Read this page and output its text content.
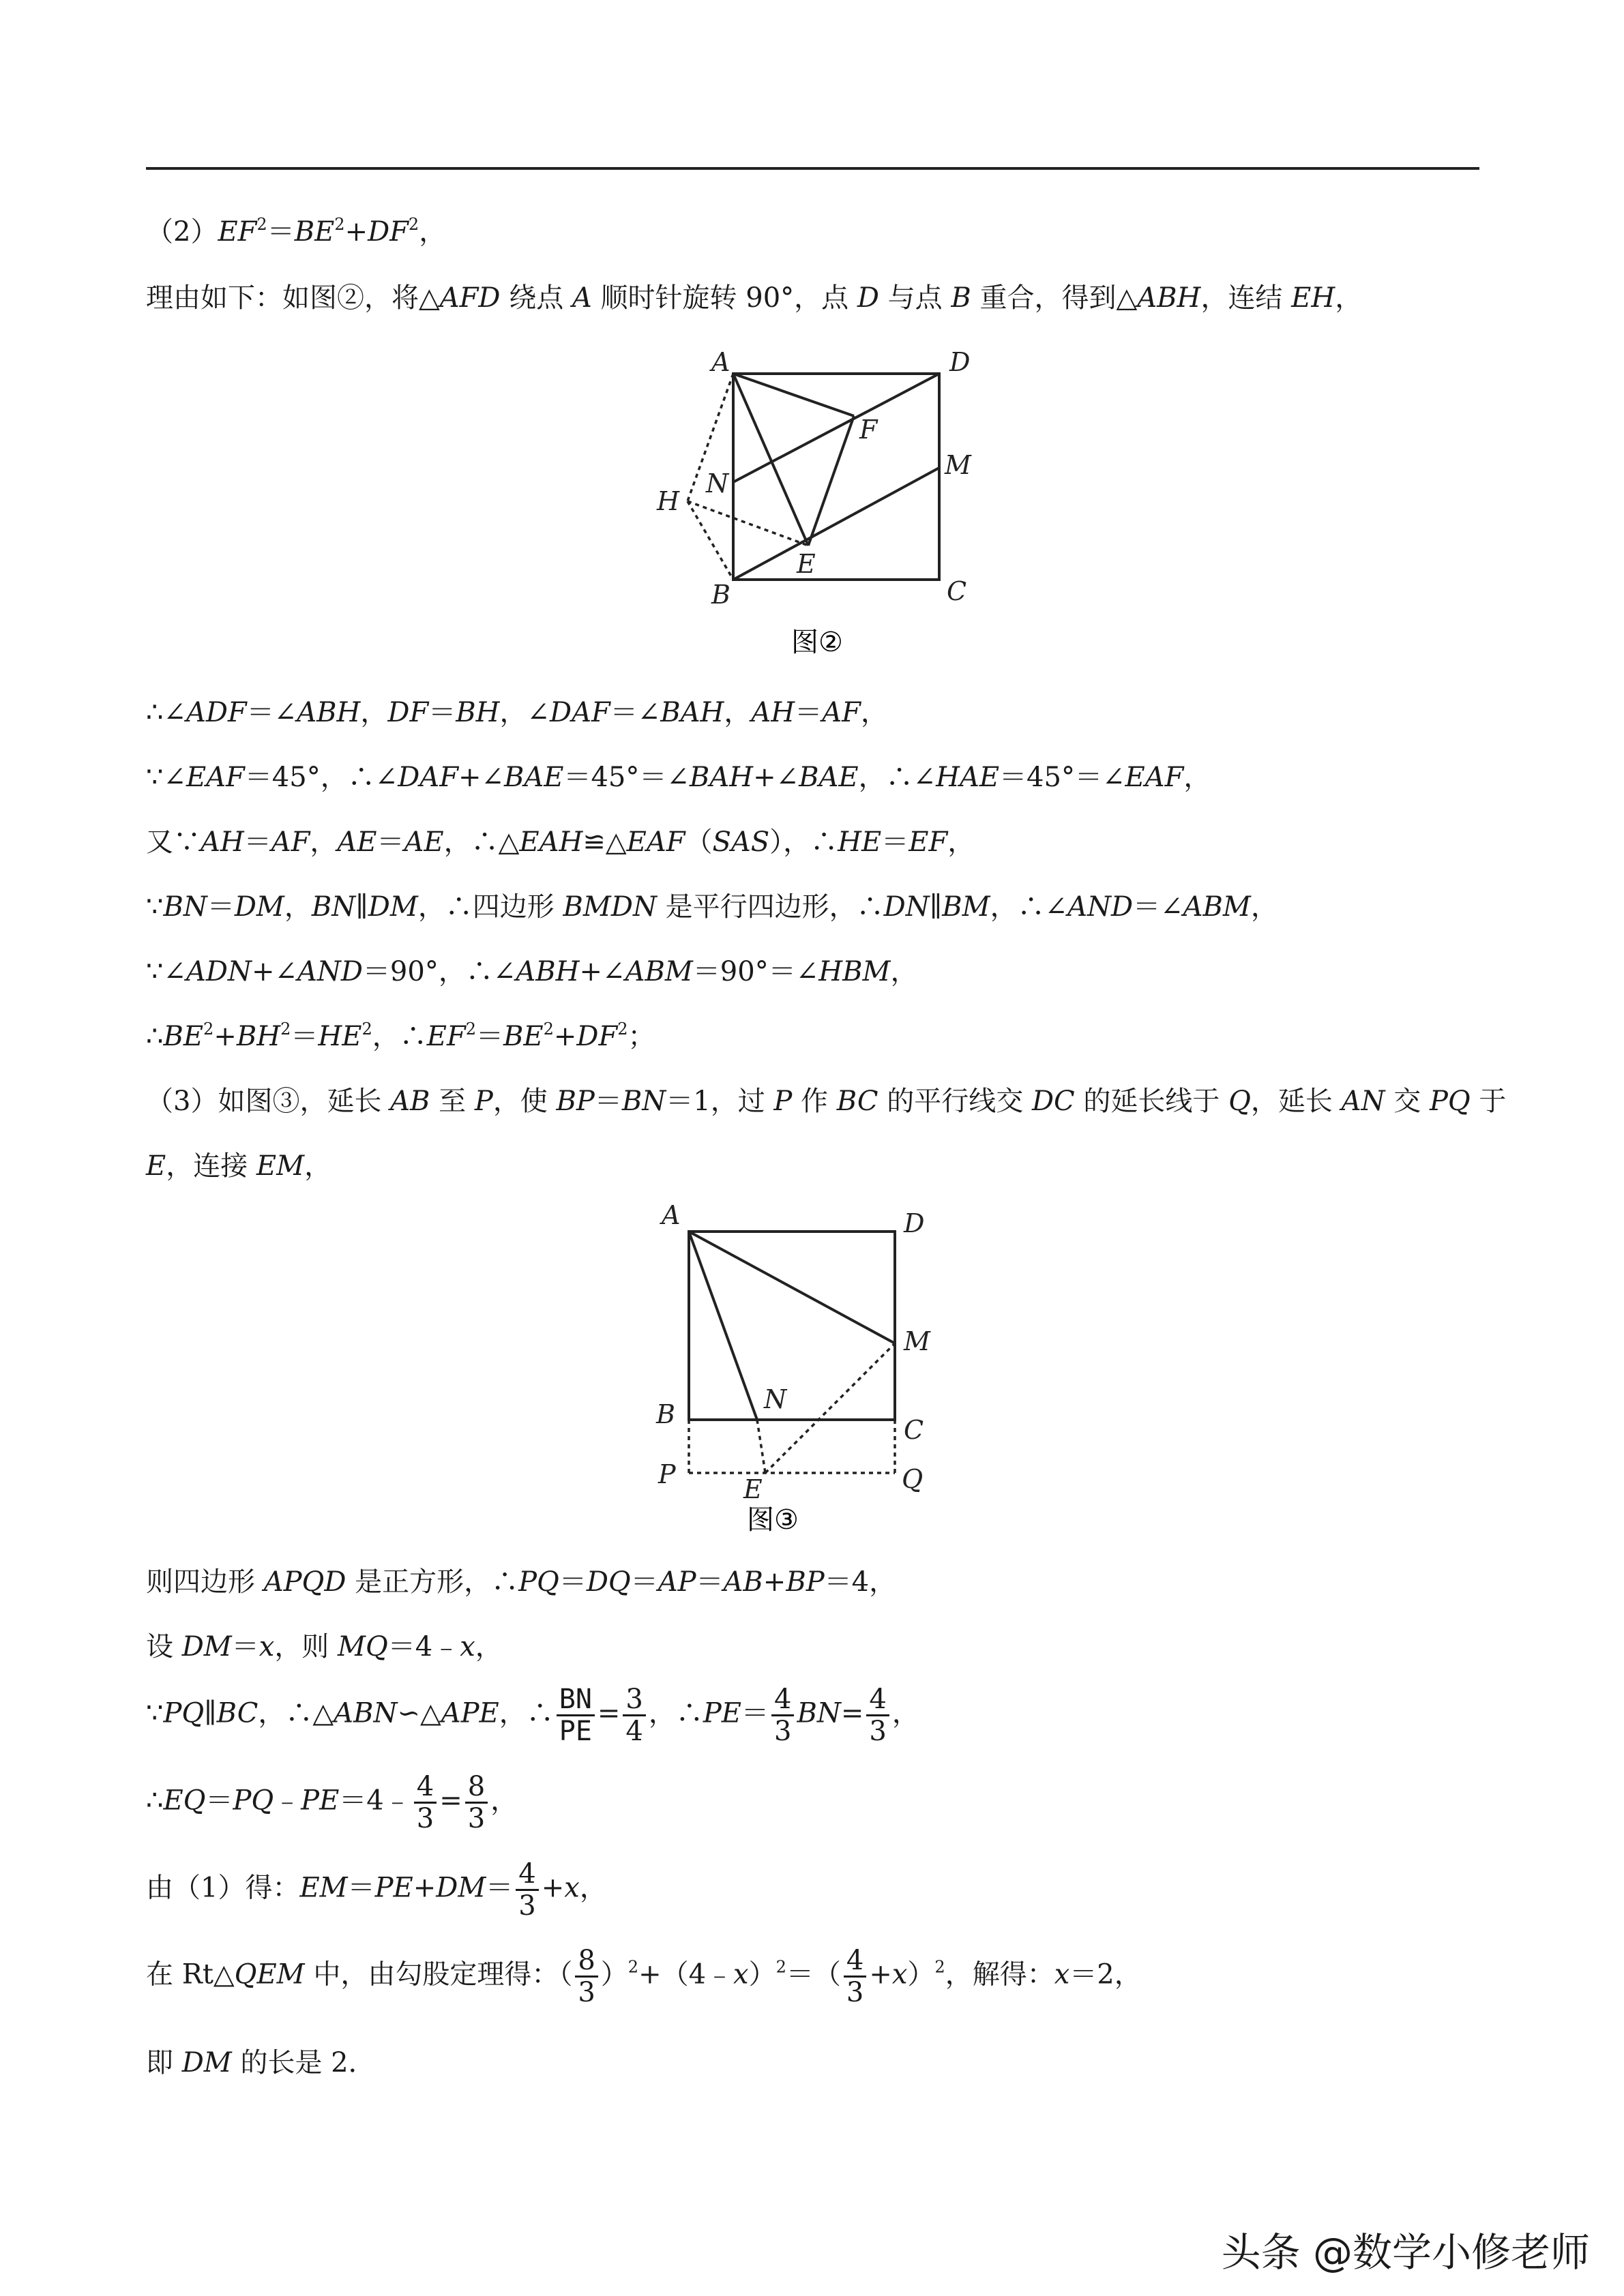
$(2)EF^2=BE^2+DF^2$，
理由如下：如图②，将△AFD 绕点 A 顺时针旋转 90°，点 D 与点 B 重合，得到△ABH，连结 EH，
A	D
B	C
F
M
N
H
E
图②
∴∠ADF＝∠ABH，DF＝BH，∠DAF＝∠BAH，AH＝AF，
∵∠EAF＝45°，∴∠DAF+∠BAE＝45°＝∠BAH+∠BAE，∴∠HAE＝45°＝∠EAF，
又∵AH＝AF，AE＝AE，∴△EAH≌△EAF（SAS），∴HE＝EF，
∵BN＝DM，BN∥DM，∴四边形 BMDN 是平行四边形，∴DN∥BM，∴∠AND＝∠ABM，
∵∠ADN+∠AND＝90°，∴∠ABH+∠ABM＝90°＝∠HBM，
$\therefore BE^2+BH^2=HE^2$，$\therefore EF^2=BE^2+DF^2$；
（3）如图③，延长 AB 至 P，使 BP＝BN＝1，过 P 作 BC 的平行线交 DC 的延长线于 Q，延长 AN 交 PQ 于
E，连接 EM，
A	D
B
C
M
N
P	E	Q
图③
则四边形 APQD 是正方形，∴PQ＝DQ＝AP＝AB+BP＝4，
设 DM＝x，则 MQ＝4﹣x，
∵PQ∥BC，∴△ABN∽△APE，∴ $\frac{BN}{PE} = \frac{3}{4}$ ，∴PE＝ $\frac{4}{3} BN= \frac{4}{3}$ ，
∴EQ＝PQ﹣PE＝4﹣ $\frac{4}{3} = \frac{8}{3}$ ，
由（1）得：$EM=PE+DM= \frac{4}{3} +x$，
在 Rt△QEM 中，由勾股定理得：（ $\frac{8}{3}$ ）$^2$+（4﹣x）$^2$＝（ $\frac{4}{3} +x)^2$，解得：x＝2，
即 DM 的长是 2．
头条 @数学小修老师
